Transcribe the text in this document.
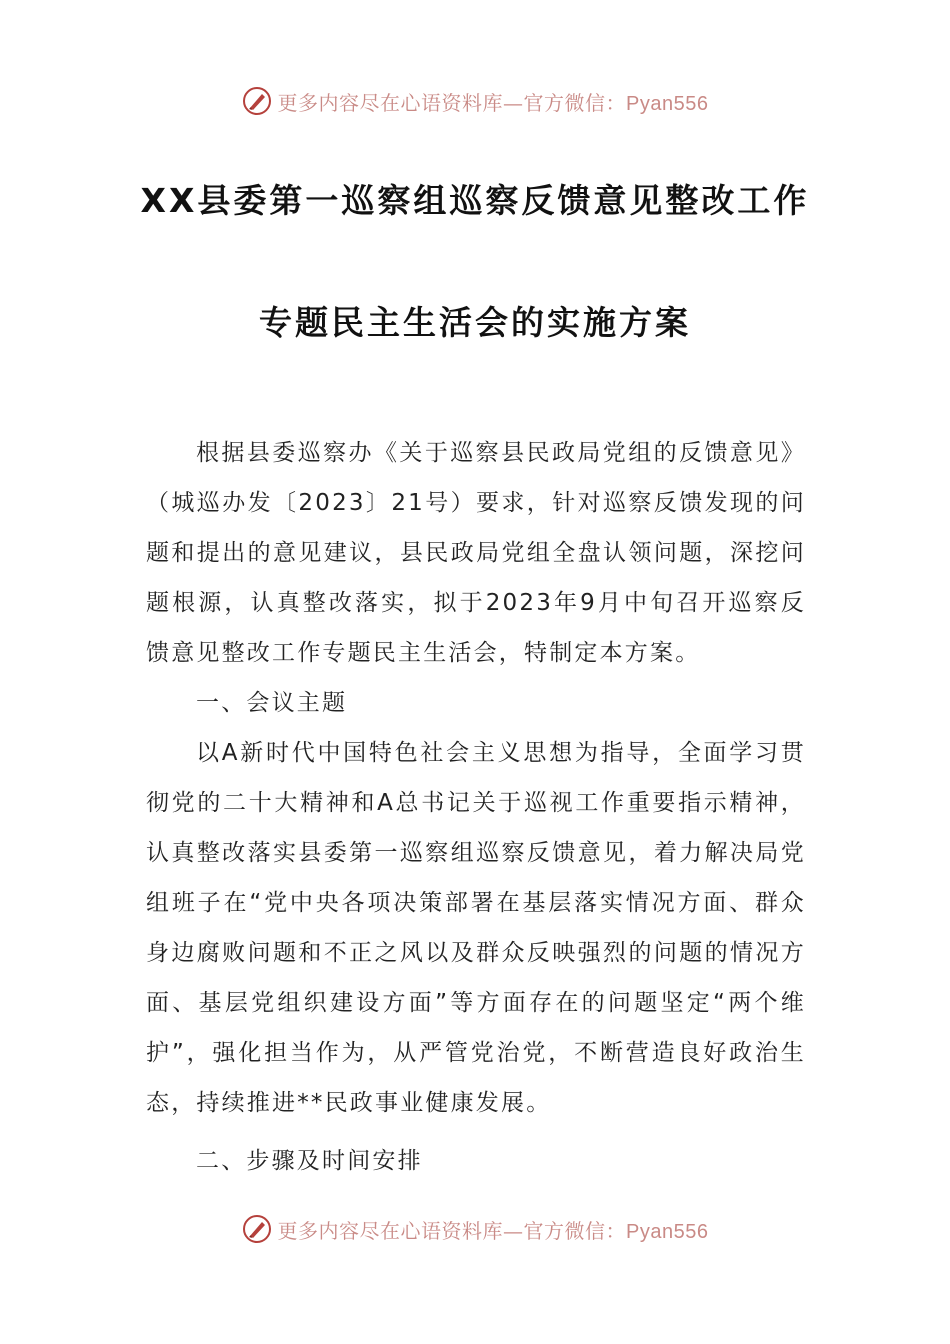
更多内容尽在心语资料库—官方微信：Pyan556
XX县委第一巡察组巡察反馈意见整改工作
专题民主生活会的实施方案

根据县委巡察办《关于巡察县民政局党组的反馈意见》（城巡办发〔2023〕21号）要求，针对巡察反馈发现的问题和提出的意见建议，县民政局党组全盘认领问题，深挖问题根源，认真整改落实，拟于2023年9月中旬召开巡察反馈意见整改工作专题民主生活会，特制定本方案。

一、会议主题

以A新时代中国特色社会主义思想为指导，全面学习贯彻党的二十大精神和A总书记关于巡视工作重要指示精神，认真整改落实县委第一巡察组巡察反馈意见，着力解决局党组班子在“党中央各项决策部署在基层落实情况方面、群众身边腐败问题和不正之风以及群众反映强烈的问题的情况方面、基层党组织建设方面”等方面存在的问题坚定“两个维护”，强化担当作为，从严管党治党，不断营造良好政治生态，持续推进**民政事业健康发展。

二、步骤及时间安排

更多内容尽在心语资料库—官方微信：Pyan556
